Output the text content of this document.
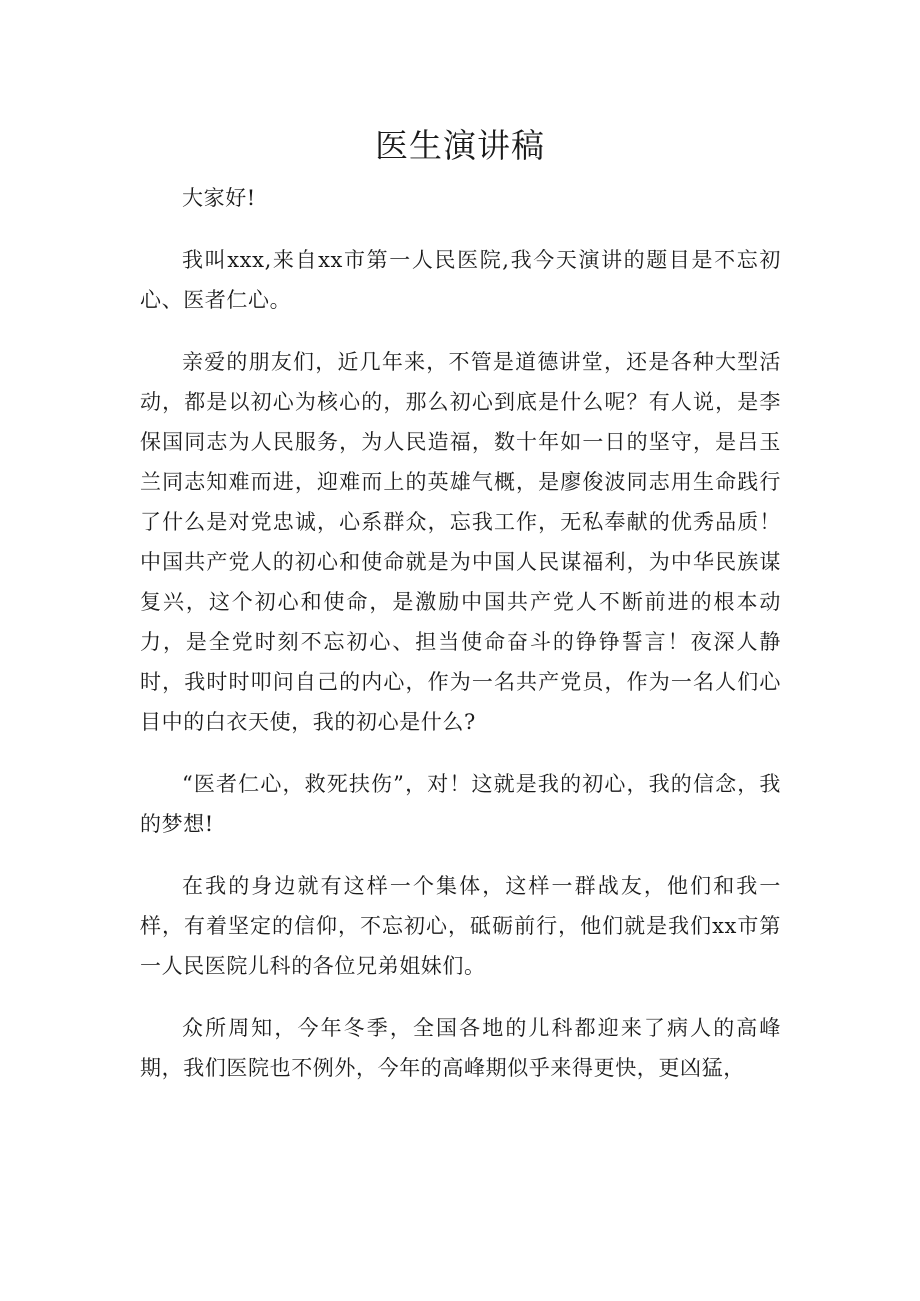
医生演讲稿

大家好!

我叫xxx,来自xx市第一人民医院,我今天演讲的题目是不忘初心、医者仁心。

亲爱的朋友们，近几年来，不管是道德讲堂，还是各种大型活动，都是以初心为核心的，那么初心到底是什么呢？有人说，是李保国同志为人民服务，为人民造福，数十年如一日的坚守，是吕玉兰同志知难而进，迎难而上的英雄气概，是廖俊波同志用生命践行了什么是对党忠诚，心系群众，忘我工作，无私奉献的优秀品质！中国共产党人的初心和使命就是为中国人民谋福利，为中华民族谋复兴，这个初心和使命，是激励中国共产党人不断前进的根本动力，是全党时刻不忘初心、担当使命奋斗的铮铮誓言！夜深人静时，我时时叩问自己的内心，作为一名共产党员，作为一名人们心目中的白衣天使，我的初心是什么?

“医者仁心，救死扶伤”，对！这就是我的初心，我的信念，我的梦想!

在我的身边就有这样一个集体，这样一群战友，他们和我一样，有着坚定的信仰，不忘初心，砥砺前行，他们就是我们xx市第一人民医院儿科的各位兄弟姐妹们。

众所周知，今年冬季，全国各地的儿科都迎来了病人的高峰期，我们医院也不例外，今年的高峰期似乎来得更快，更凶猛，
